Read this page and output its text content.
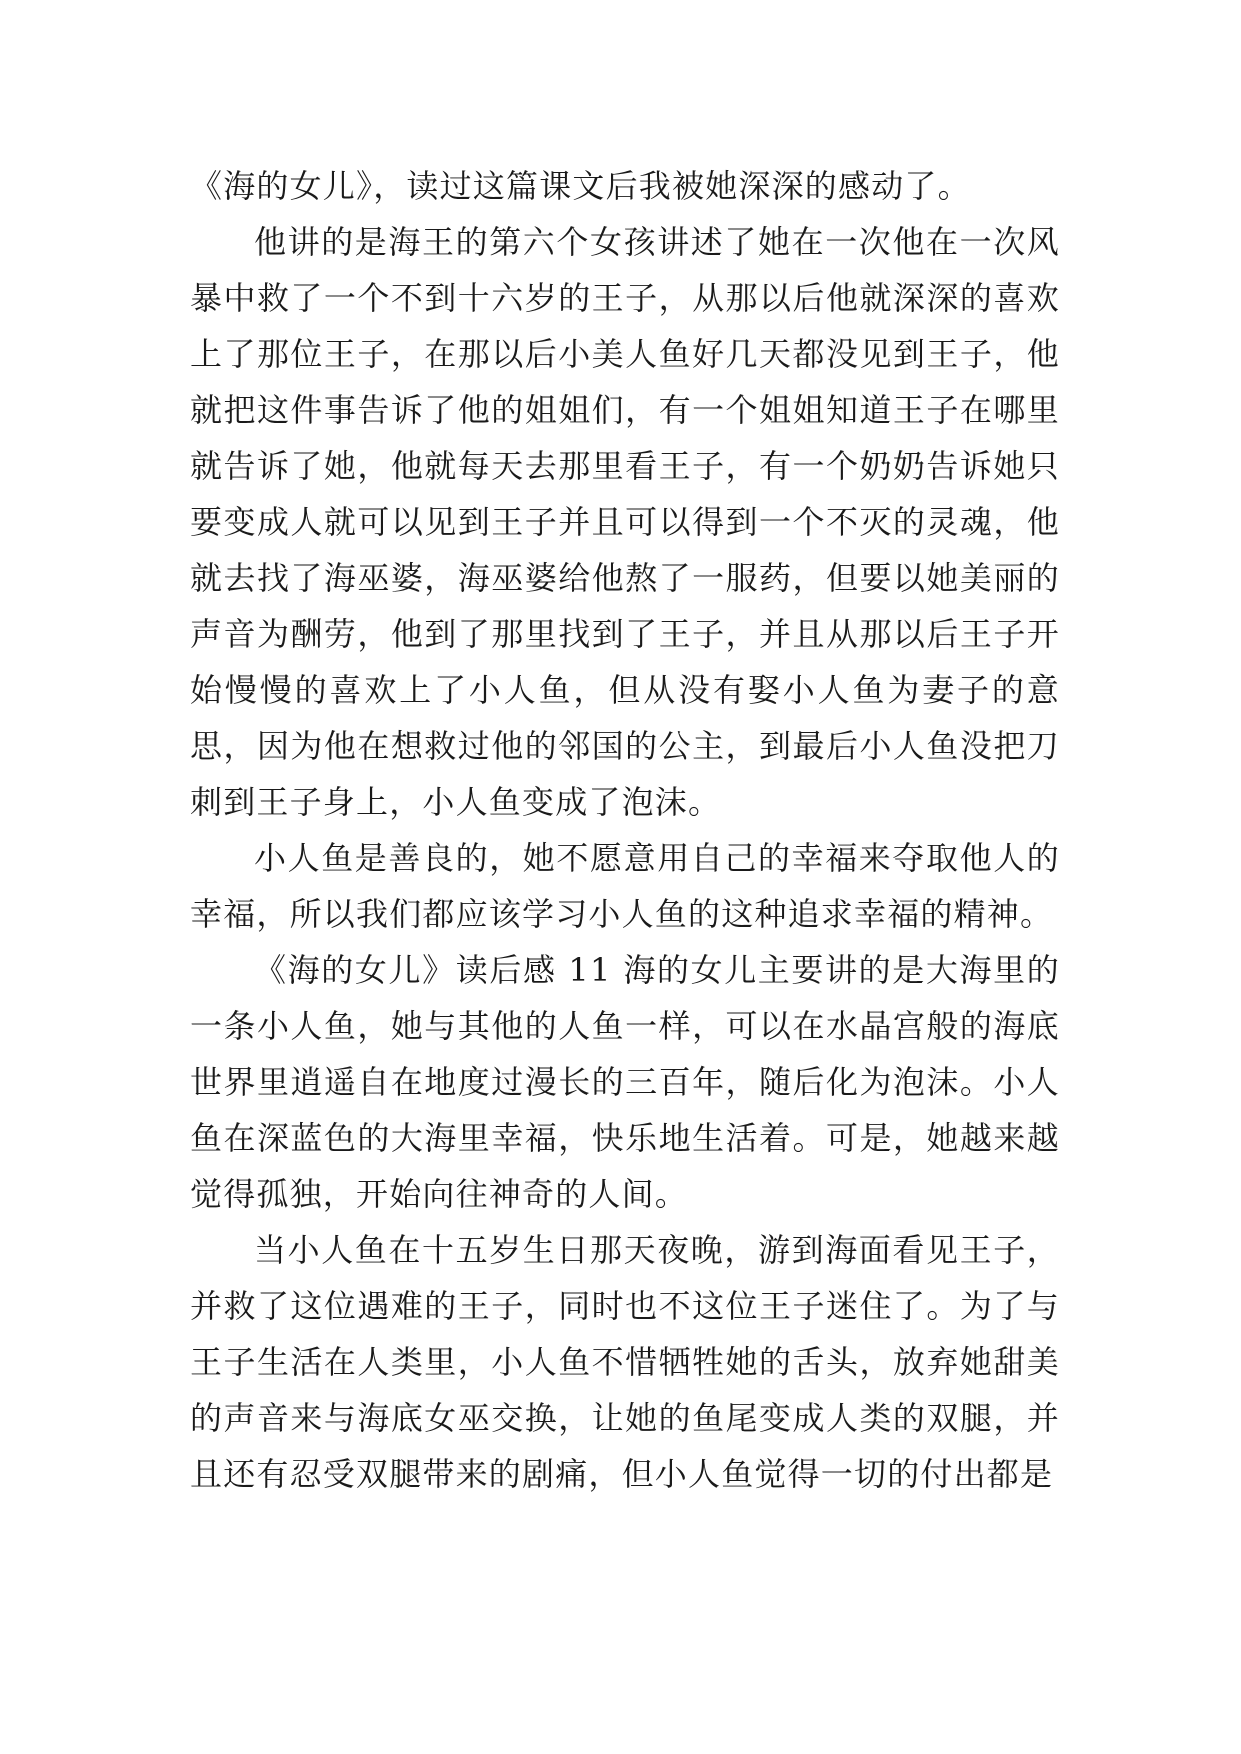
《海的女儿》，读过这篇课文后我被她深深的感动了。

他讲的是海王的第六个女孩讲述了她在一次他在一次风暴中救了一个不到十六岁的王子，从那以后他就深深的喜欢上了那位王子，在那以后小美人鱼好几天都没见到王子，他就把这件事告诉了他的姐姐们，有一个姐姐知道王子在哪里就告诉了她，他就每天去那里看王子，有一个奶奶告诉她只要变成人就可以见到王子并且可以得到一个不灭的灵魂，他就去找了海巫婆，海巫婆给他熬了一服药，但要以她美丽的声音为酬劳，他到了那里找到了王子，并且从那以后王子开始慢慢的喜欢上了小人鱼，但从没有娶小人鱼为妻子的意思，因为他在想救过他的邻国的公主，到最后小人鱼没把刀刺到王子身上，小人鱼变成了泡沫。

小人鱼是善良的，她不愿意用自己的幸福来夺取他人的幸福，所以我们都应该学习小人鱼的这种追求幸福的精神。

《海的女儿》读后感 11 海的女儿主要讲的是大海里的一条小人鱼，她与其他的人鱼一样，可以在水晶宫般的海底世界里逍遥自在地度过漫长的三百年，随后化为泡沫。小人鱼在深蓝色的大海里幸福，快乐地生活着。可是，她越来越觉得孤独，开始向往神奇的人间。

当小人鱼在十五岁生日那天夜晚，游到海面看见王子，并救了这位遇难的王子，同时也不这位王子迷住了。为了与王子生活在人类里，小人鱼不惜牺牲她的舌头，放弃她甜美的声音来与海底女巫交换，让她的鱼尾变成人类的双腿，并且还有忍受双腿带来的剧痛，但小人鱼觉得一切的付出都是
